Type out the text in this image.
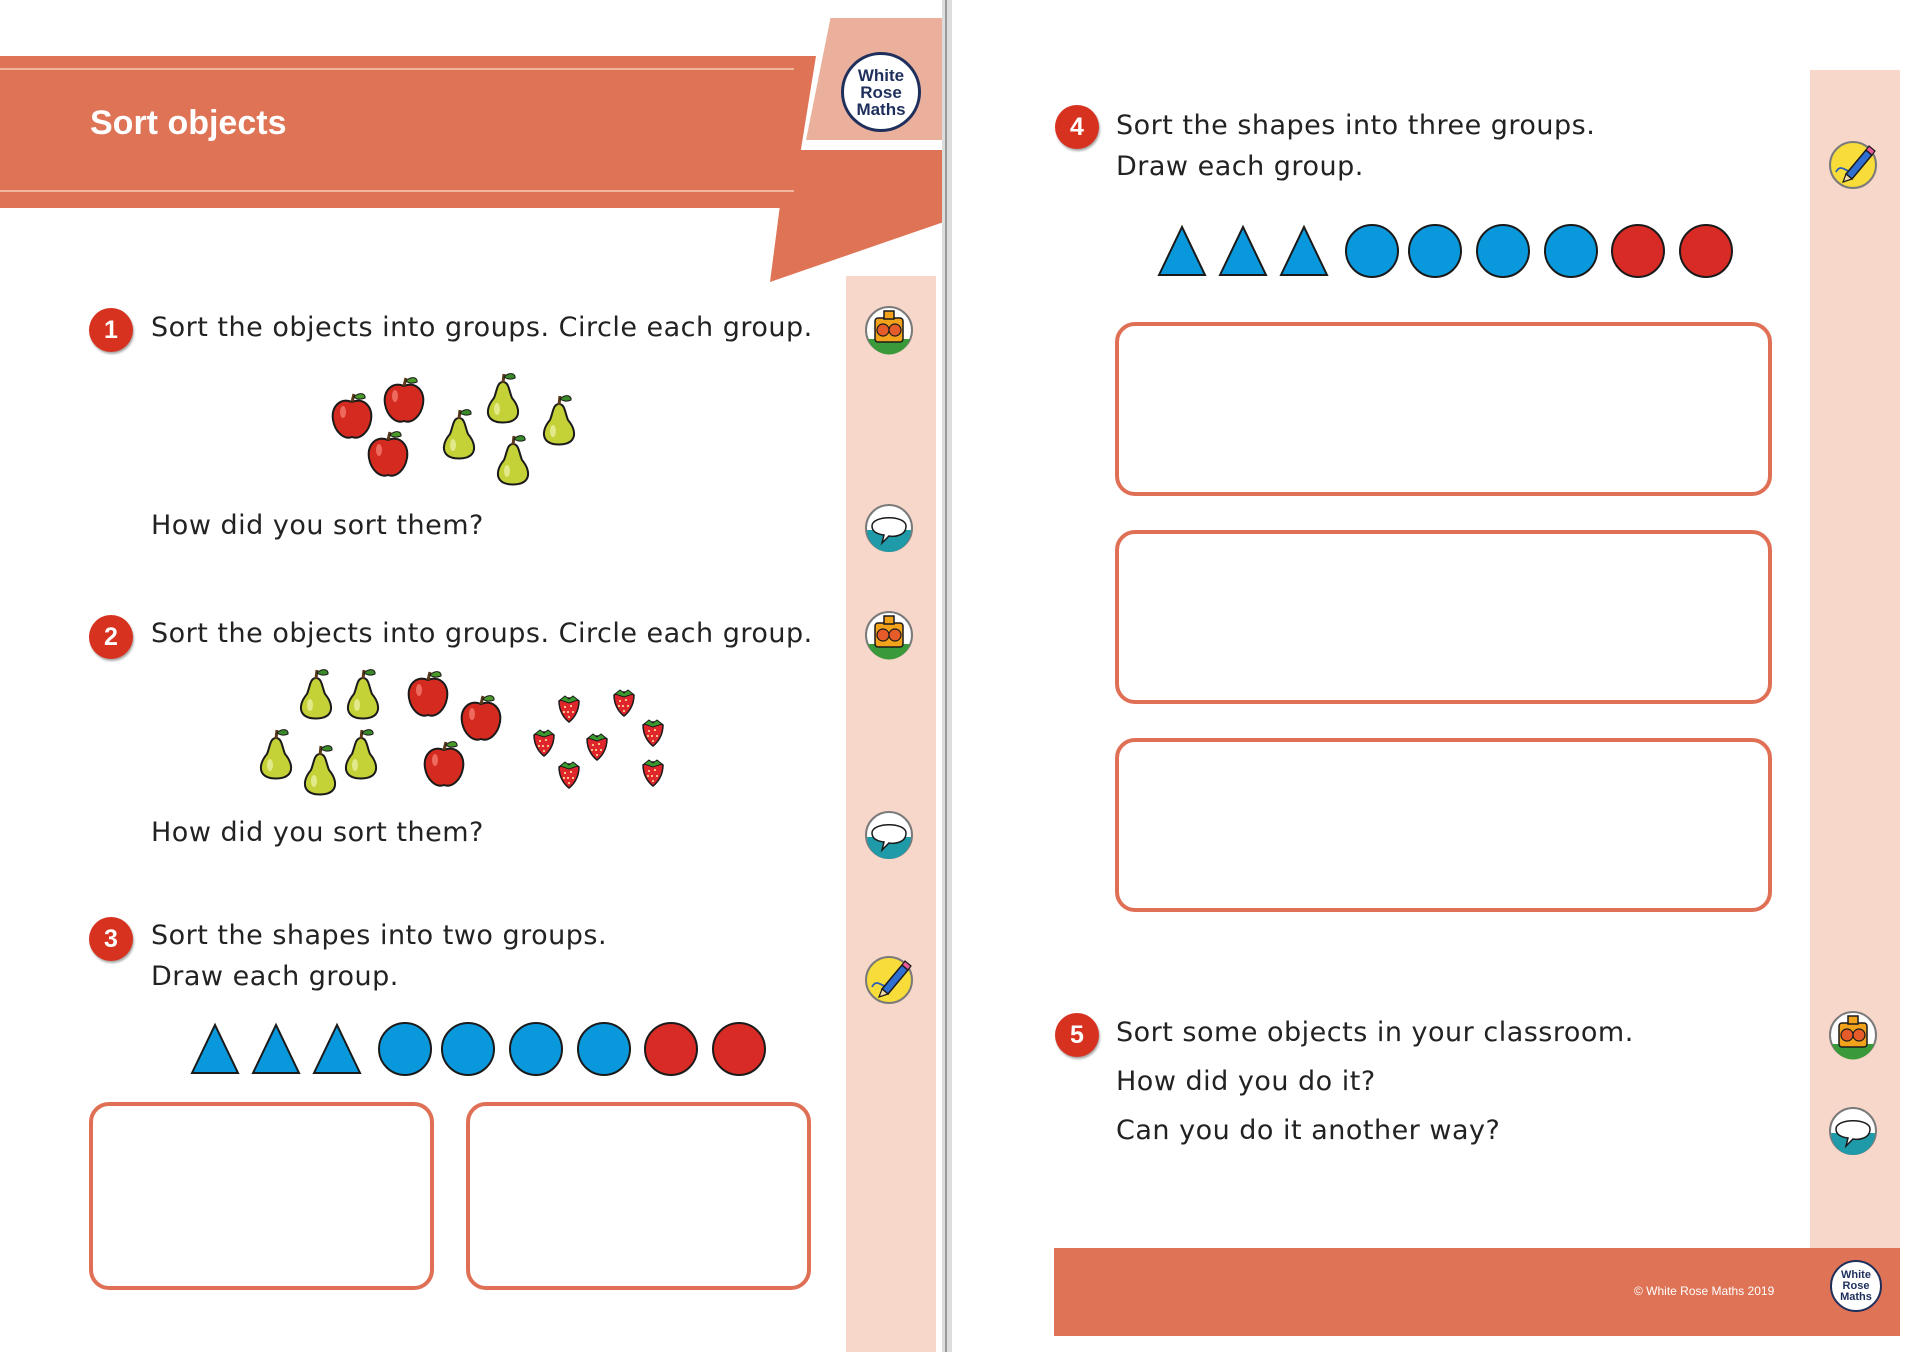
Sort objects
White
Rose
Maths
1	Sort the objects into groups. Circle each group.
How did you sort them?
2	Sort the objects into groups. Circle each group.
How did you sort them?
3	Sort the shapes into two groups.
Draw each group.
4	Sort the shapes into three groups.
Draw each group.
5	Sort some objects in your classroom.
How did you do it?
Can you do it another way?
© White Rose Maths 2019
White
Rose
Maths
